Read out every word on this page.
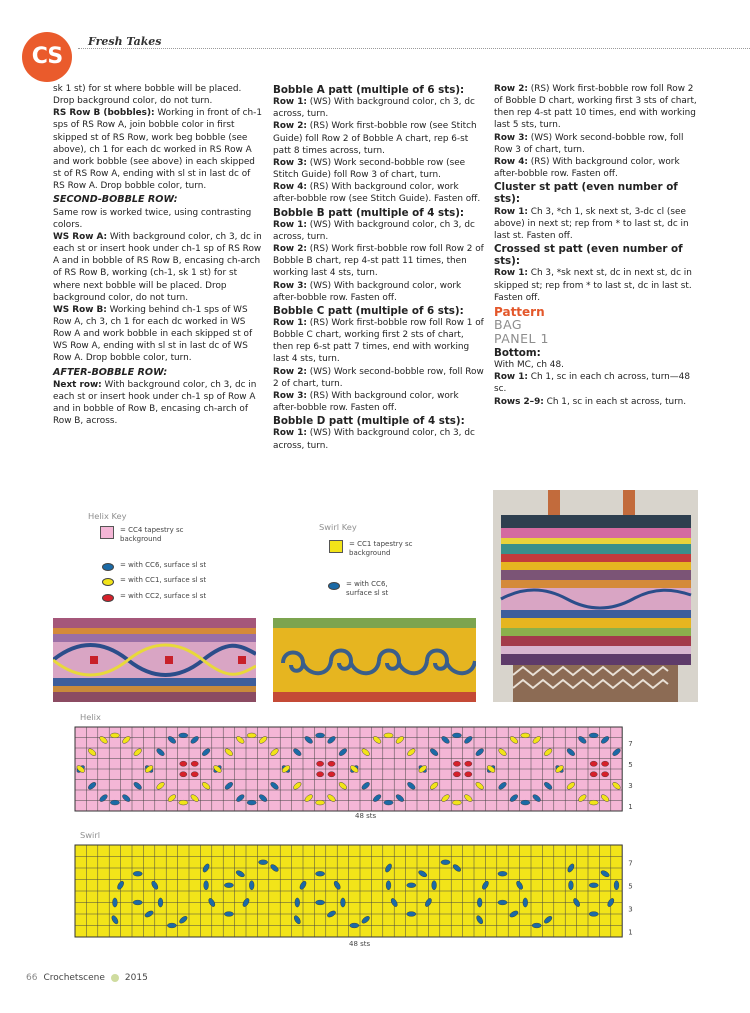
CS
Fresh Takes

sk 1 st) for st where bobble will be placed. Drop background color, do not turn.

RS Row B (bobbles): Working in front of ch-1 sps of RS Row A, join bobble color in first skipped st of RS Row, work beg bobble (see above), ch 1 for each dc worked in RS Row A and work bobble (see above) in each skipped st of RS Row A, ending with sl st in last dc of RS Row A. Drop bobble color, turn.

SECOND-BOBBLE ROW:

Same row is worked twice, using contrasting colors.

WS Row A: With background color, ch 3, dc in each st or insert hook under ch-1 sp of RS Row A and in bobble of RS Row B, encasing ch-arch of RS Row B, working (ch-1, sk 1 st) for st where next bobble will be placed. Drop background color, do not turn.

WS Row B: Working behind ch-1 sps of WS Row A, ch 3, ch 1 for each dc worked in WS Row A and work bobble in each skipped st of WS Row A, ending with sl st in last dc of WS Row A. Drop bobble color, turn.

AFTER-BOBBLE ROW:

Next row: With background color, ch 3, dc in each st or insert hook under ch-1 sp of Row A and in bobble of Row B, encasing ch-arch of Row B, across.

Bobble A patt (multiple of 6 sts):

Row 1: (WS) With background color, ch 3, dc across, turn.

Row 2: (RS) Work first-bobble row (see Stitch Guide) foll Row 2 of Bobble A chart, rep 6-st patt 8 times across, turn.

Row 3: (WS) Work second-bobble row (see Stitch Guide) foll Row 3 of chart, turn.

Row 4: (RS) With background color, work after-bobble row (see Stitch Guide). Fasten off.

Bobble B patt (multiple of 4 sts):

Row 1: (WS) With background color, ch 3, dc across, turn.

Row 2: (RS) Work first-bobble row foll Row 2 of Bobble B chart, rep 4-st patt 11 times, then working last 4 sts, turn.

Row 3: (WS) With background color, work after-bobble row. Fasten off.

Bobble C patt (multiple of 6 sts):

Row 1: (RS) Work first-bobble row foll Row 1 of Bobble C chart, working first 2 sts of chart, then rep 6-st patt 7 times, end with working last 4 sts, turn.

Row 2: (WS) Work second-bobble row, foll Row 2 of chart, turn.

Row 3: (RS) With background color, work after-bobble row. Fasten off.

Bobble D patt (multiple of 4 sts):

Row 1: (WS) With background color, ch 3, dc across, turn.

Row 2: (RS) Work first-bobble row foll Row 2 of Bobble D chart, working first 3 sts of chart, then rep 4-st patt 10 times, end with working last 5 sts, turn.

Row 3: (WS) Work second-bobble row, foll Row 3 of chart, turn.

Row 4: (RS) With background color, work after-bobble row. Fasten off.

Cluster st patt (even number of sts):

Row 1: Ch 3, *ch 1, sk next st, 3-dc cl (see above) in next st; rep from * to last st, dc in last st. Fasten off.

Crossed st patt (even number of sts):

Row 1: Ch 3, *sk next st, dc in next st, dc in skipped st; rep from * to last st, dc in last st. Fasten off.

Pattern

BAG

PANEL 1

Bottom:

With MC, ch 48.

Row 1: Ch 1, sc in each ch across, turn—48 sc.

Rows 2–9: Ch 1, sc in each st across, turn.

Helix Key
= CC4 tapestry sc background
= with CC6, surface sl st
= with CC1, surface sl st
= with CC2, surface sl st
Swirl Key
= CC1 tapestry sc background
= with CC6, surface sl st
Helix
7
5
3
1
48 sts
Swirl
7
5
3
1
48 sts
66 Crochetscene 2015
